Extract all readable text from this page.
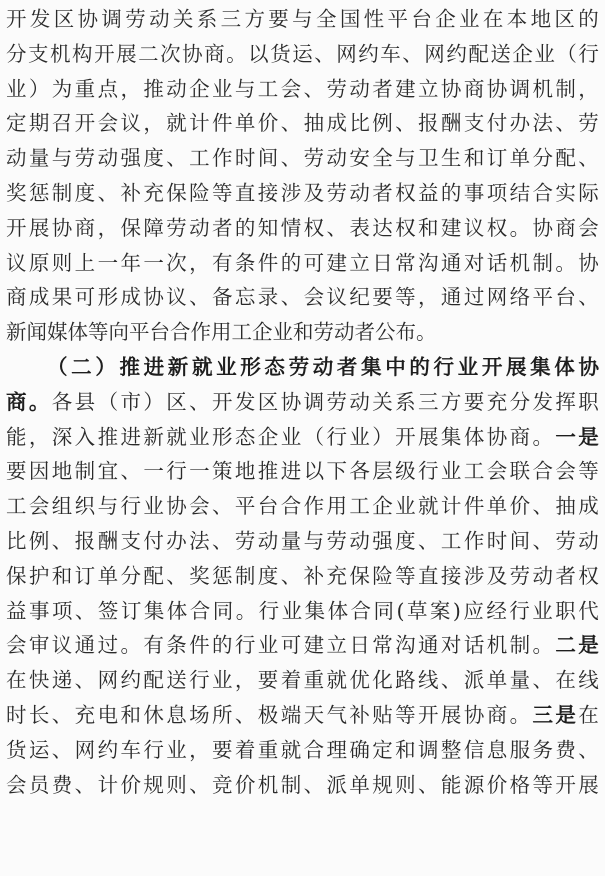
开 发 区 协 调 劳 动 关 系 三 方 要 与 全 国 性 平 台 企 业 在 本 地 区 的
分 支 机 构 开 展 二 次 协 商 。 以 货 运 、 网 约 车 、 网 约 配 送 企 业 （ 行
业 ） 为 重 点 ， 推 动 企 业 与 工 会 、 劳 动 者 建 立 协 商 协 调 机 制 ，
定 期 召 开 会 议 ， 就 计 件 单 价 、 抽 成 比 例 、 报 酬 支 付 办 法 、 劳
动 量 与 劳 动 强 度 、 工 作 时 间 、 劳 动 安 全 与 卫 生 和 订 单 分 配 、
奖 惩 制 度 、 补 充 保 险 等 直 接 涉 及 劳 动 者 权 益 的 事 项 结 合 实 际
开 展 协 商 ， 保 障 劳 动 者 的 知 情 权 、 表 达 权 和 建 议 权 。 协 商 会
议 原 则 上 一 年 一 次 ， 有 条 件 的 可 建 立 日 常 沟 通 对 话 机 制 。 协
商 成 果 可 形 成 协 议 、 备 忘 录 、 会 议 纪 要 等 ， 通 过 网 络 平 台 、
新 闻 媒 体 等 向 平 台 合 作 用 工 企 业 和 劳 动 者 公 布 。
（ 二 ） 推 进 新 就 业 形 态 劳 动 者 集 中 的 行 业 开 展 集 体 协
商 。 各 县 （ 市 ） 区 、 开 发 区 协 调 劳 动 关 系 三 方 要 充 分 发 挥 职
能 ， 深 入 推 进 新 就 业 形 态 企 业 （ 行 业 ） 开 展 集 体 协 商 。 一 是
要 因 地 制 宜 、 一 行 一 策 地 推 进 以 下 各 层 级 行 业 工 会 联 合 会 等
工 会 组 织 与 行 业 协 会 、 平 台 合 作 用 工 企 业 就 计 件 单 价 、 抽 成
比 例 、 报 酬 支 付 办 法 、 劳 动 量 与 劳 动 强 度 、 工 作 时 间 、 劳 动
保 护 和 订 单 分 配 、 奖 惩 制 度 、 补 充 保 险 等 直 接 涉 及 劳 动 者 权
益 事 项 、 签 订 集 体 合 同 。 行 业 集 体 合 同 ( 草 案 ) 应 经 行 业 职 代
会 审 议 通 过 。 有 条 件 的 行 业 可 建 立 日 常 沟 通 对 话 机 制 。 二 是
在 快 递 、 网 约 配 送 行 业 ， 要 着 重 就 优 化 路 线 、 派 单 量 、 在 线
时 长 、 充 电 和 休 息 场 所 、 极 端 天 气 补 贴 等 开 展 协 商 。 三 是 在
货 运 、 网 约 车 行 业 ， 要 着 重 就 合 理 确 定 和 调 整 信 息 服 务 费 、
会 员 费 、 计 价 规 则 、 竞 价 机 制 、 派 单 规 则 、 能 源 价 格 等 开 展
